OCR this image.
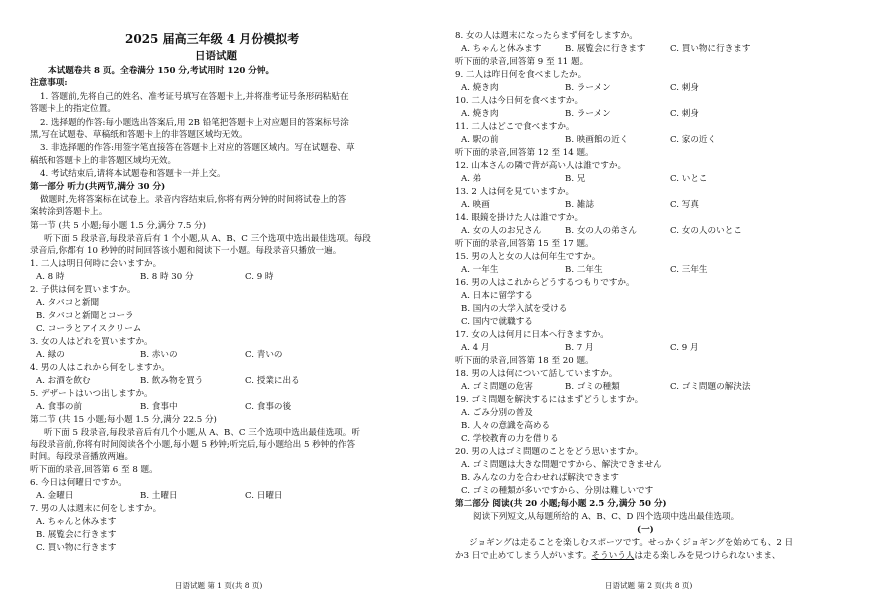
2025 届高三年级 4 月份模拟考
日语试题
本试题卷共 8 页。全卷满分 150 分,考试用时 120 分钟。
注意事项:
1. 答题前,先将自己的姓名、准考证号填写在答题卡上,并将准考证号条形码粘贴在
答题卡上的指定位置。
2. 选择题的作答:每小题选出答案后,用 2B 铅笔把答题卡上对应题目的答案标号涂
黑,写在试题卷、草稿纸和答题卡上的非答题区域均无效。
3. 非选择题的作答:用签字笔直接答在答题卡上对应的答题区域内。写在试题卷、草
稿纸和答题卡上的非答题区域均无效。
4. 考试结束后,请将本试题卷和答题卡一并上交。
第一部分 听力(共两节,满分 30 分)
做题时,先将答案标在试卷上。录音内容结束后,你将有两分钟的时间将试卷上的答
案转涂到答题卡上。
第一节 (共 5 小题;每小题 1.5 分,满分 7.5 分)
听下面 5 段录音,每段录音后有 1 个小题,从 A、B、C 三个选项中选出最佳选项。每段
录音后,你都有 10 秒钟的时间回答该小题和阅读下一小题。每段录音只播放一遍。
1. 二人は明日何時に会いますか。
A. 8 時	B. 8 時 30 分	C. 9 時
2. 子供は何を買いますか。
A. タバコと新聞
B. タバコと新聞とコーラ
C. コーラとアイスクリーム
3. 女の人はどれを買いますか。
A. 緑の	B. 赤いの	C. 青いの
4. 男の人はこれから何をしますか。
A. お酒を飲む	B. 飲み物を買う	C. 授業に出る
5. デザートはいつ出しますか。
A. 食事の前	B. 食事中	C. 食事の後
第二节 (共 15 小题;每小题 1.5 分,满分 22.5 分)
听下面 5 段录音,每段录音后有几个小题,从 A、B、C 三个选项中选出最佳选项。听
每段录音前,你将有时间阅读各个小题,每小题 5 秒钟;听完后,每小题给出 5 秒钟的作答
时间。每段录音播放两遍。
听下面的录音,回答第 6 至 8 题。
6. 今日は何曜日ですか。
A. 金曜日	B. 土曜日	C. 日曜日
7. 男の人は週末に何をしますか。
A. ちゃんと休みます
B. 展覧会に行きます
C. 買い物に行きます
日语试题 第 1 页(共 8 页)
8. 女の人は週末になったらまず何をしますか。
A. ちゃんと休みます	B. 展覧会に行きます	C. 買い物に行きます
听下面的录音,回答第 9 至 11 题。
9. 二人は昨日何を食べましたか。
A. 焼き肉	B. ラーメン	C. 刺身
10. 二人は今日何を食べますか。
A. 焼き肉	B. ラーメン	C. 刺身
11. 二人はどこで食べますか。
A. 駅の前	B. 映画館の近く	C. 家の近く
听下面的录音,回答第 12 至 14 题。
12. 山本さんの隣で背が高い人は誰ですか。
A. 弟	B. 兄	C. いとこ
13. 2 人は何を見ていますか。
A. 映画	B. 雑誌	C. 写真
14. 眼鏡を掛けた人は誰ですか。
A. 女の人のお兄さん	B. 女の人の弟さん	C. 女の人のいとこ
听下面的录音,回答第 15 至 17 题。
15. 男の人と女の人は何年生ですか。
A. 一年生	B. 二年生	C. 三年生
16. 男の人はこれからどうするつもりですか。
A. 日本に留学する
B. 国内の大学入試を受ける
C. 国内で就職する
17. 女の人は何月に日本へ行きますか。
A. 4 月	B. 7 月	C. 9 月
听下面的录音,回答第 18 至 20 题。
18. 男の人は何について話していますか。
A. ゴミ問題の危害	B. ゴミの種類	C. ゴミ問題の解決法
19. ゴミ問題を解決するにはまずどうしますか。
A. ごみ分別の普及
B. 人々の意識を高める
C. 学校教育の力を借りる
20. 男の人はゴミ問題のことをどう思いますか。
A. ゴミ問題は大きな問題ですから、解決できません
B. みんなの力を合わせれば解決できます
C. ゴミの種類が多いですから、分別は難しいです
第二部分 阅读(共 20 小题;每小题 2.5 分,满分 50 分)
阅读下列短文,从每题所给的 A、B、C、D 四个选项中选出最佳选项。
(一)
ジョギングは走ることを楽しむスポーツです。せっかくジョギングを始めても、2 日
か3 日で止めてしまう人がいます。そういう人は走る楽しみを見つけられないまま、
日语试题 第 2 页(共 8 页)
